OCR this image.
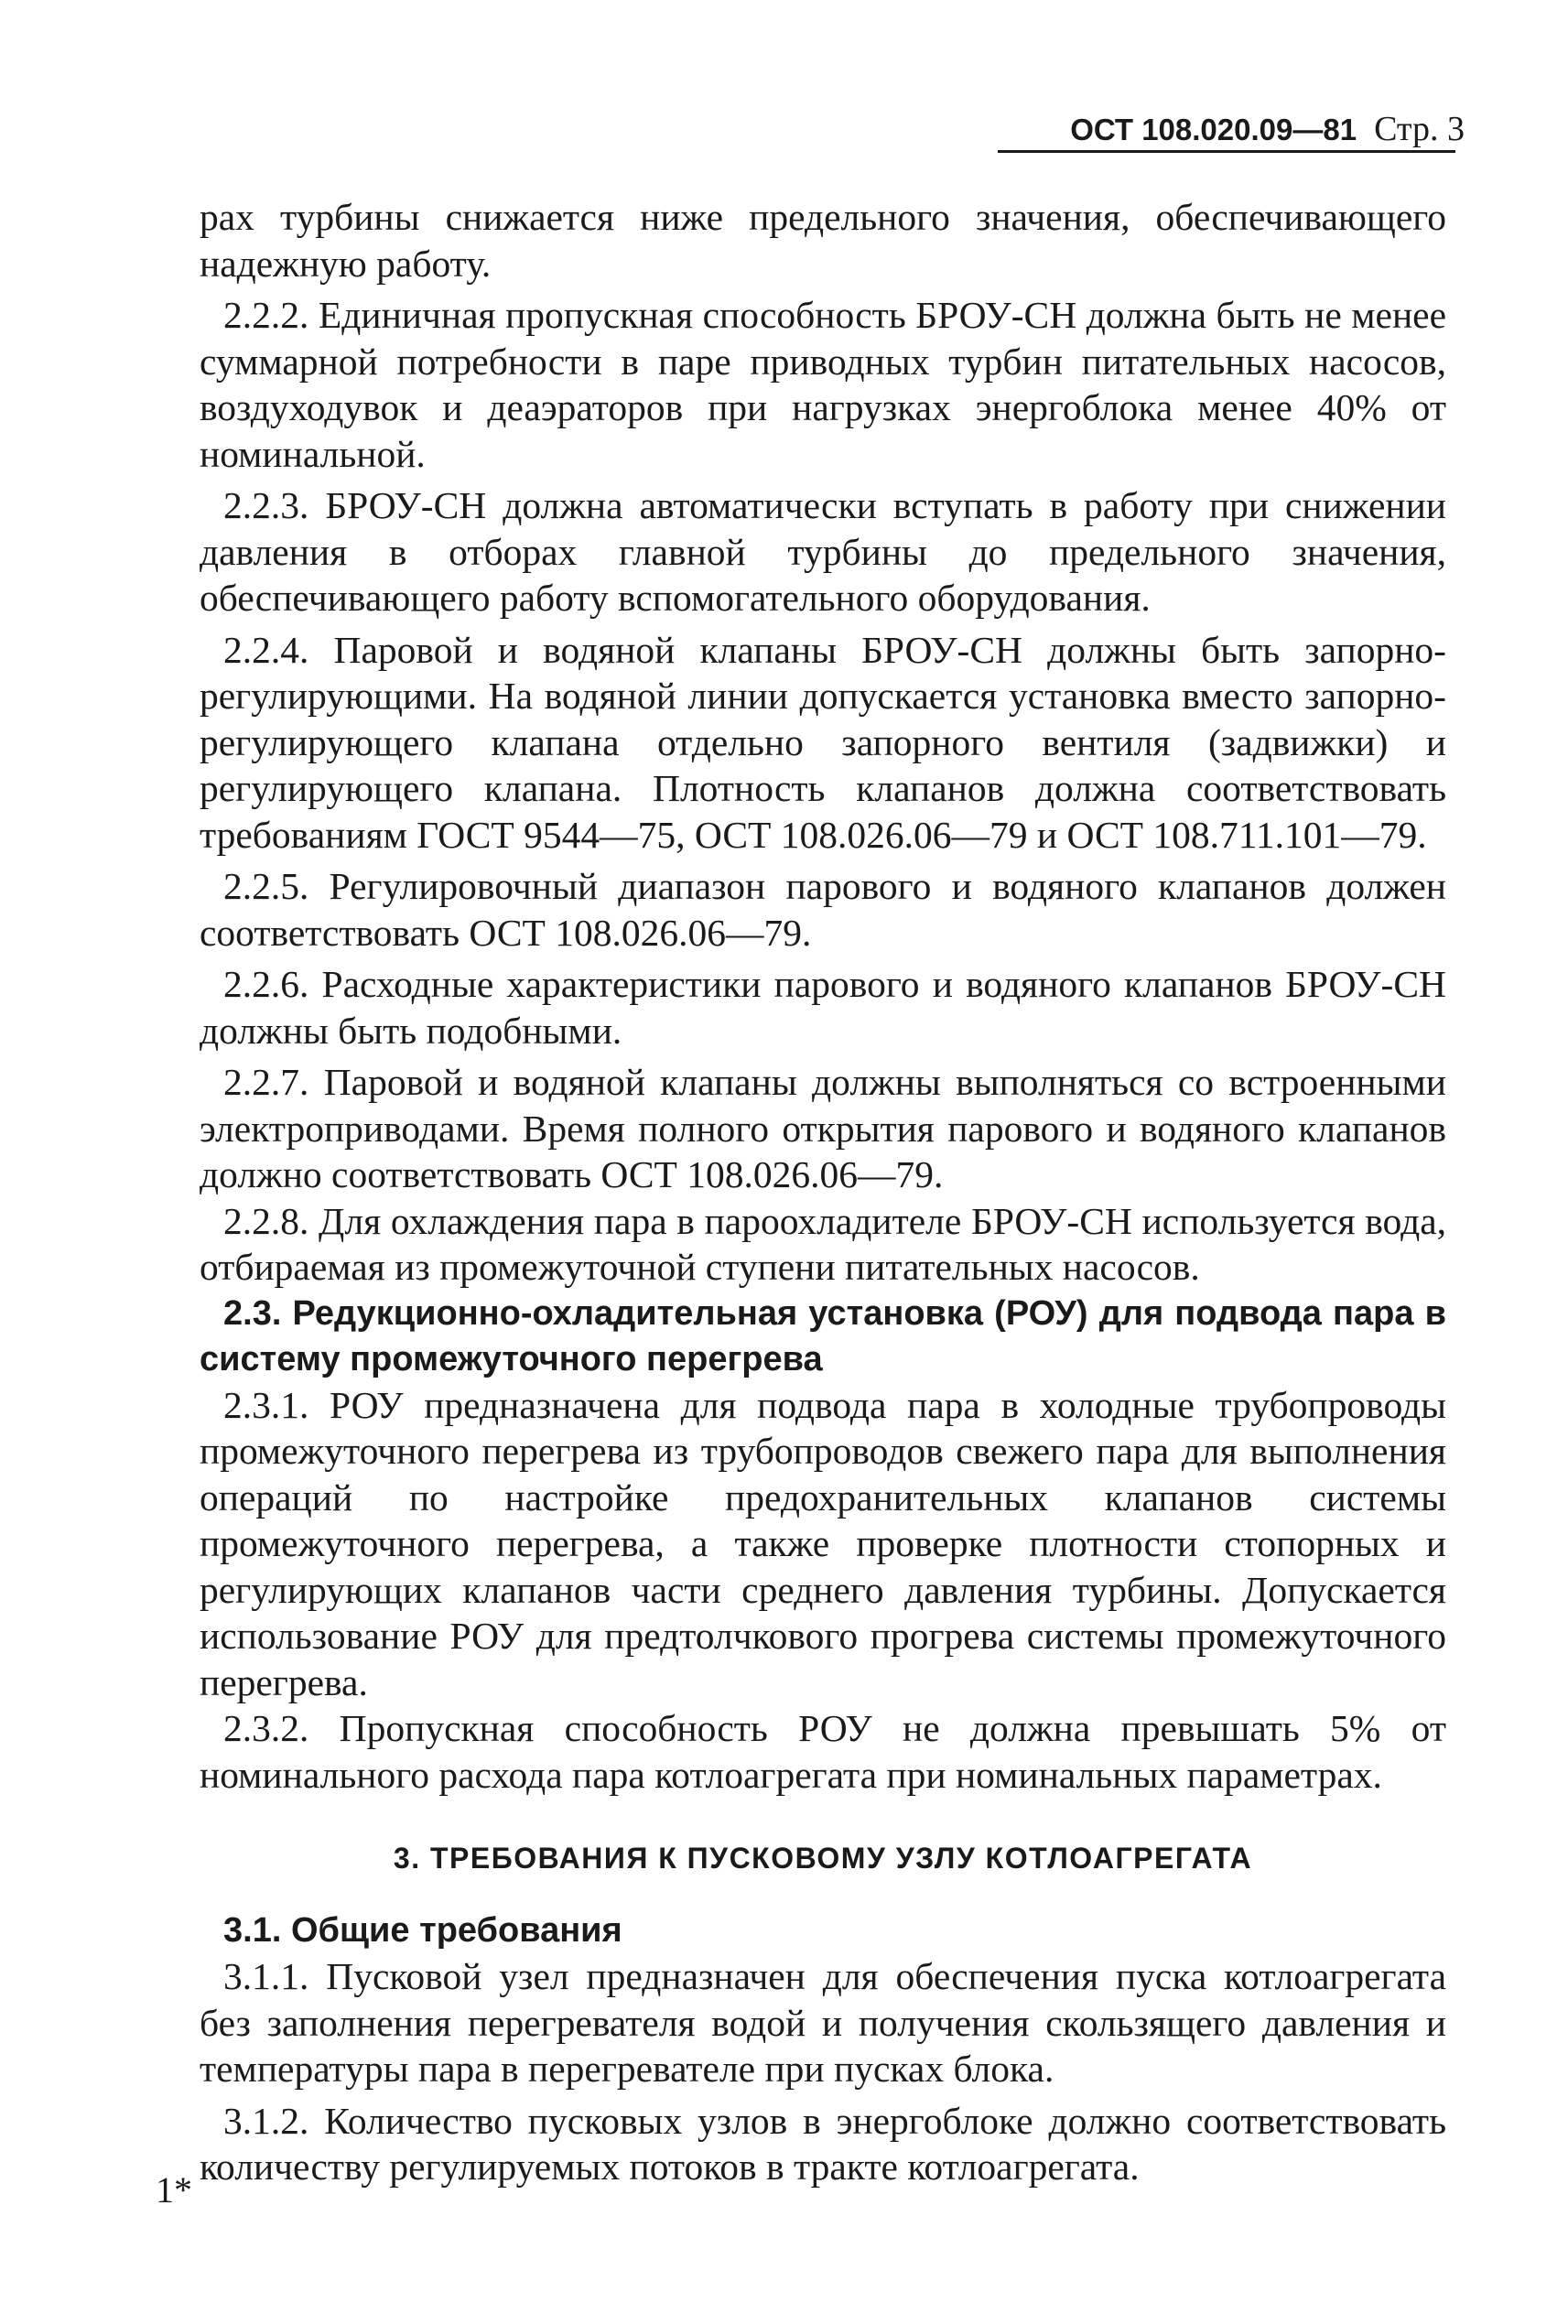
ОСТ 108.020.09—81 Стр. 3

рах турбины снижается ниже предельного значения, обеспечивающего надежную работу.

2.2.2. Единичная пропускная способность БРОУ-СН должна быть не менее суммарной потребности в паре приводных турбин питательных насосов, воздуходувок и деаэраторов при нагрузках энергоблока менее 40% от номинальной.

2.2.3. БРОУ-СН должна автоматически вступать в работу при снижении давления в отборах главной турбины до предельного значения, обеспечивающего работу вспомогательного оборудования.

2.2.4. Паровой и водяной клапаны БРОУ-СН должны быть запорно-регулирующими. На водяной линии допускается установка вместо запорно-регулирующего клапана отдельно запорного вентиля (задвижки) и регулирующего клапана. Плотность клапанов должна соответствовать требованиям ГОСТ 9544—75, ОСТ 108.026.06—79 и ОСТ 108.711.101—79.

2.2.5. Регулировочный диапазон парового и водяного клапанов должен соответствовать ОСТ 108.026.06—79.

2.2.6. Расходные характеристики парового и водяного клапанов БРОУ-СН должны быть подобными.

2.2.7. Паровой и водяной клапаны должны выполняться со встроенными электроприводами. Время полного открытия парового и водяного клапанов должно соответствовать ОСТ 108.026.06—79.

2.2.8. Для охлаждения пара в пароохладителе БРОУ-СН используется вода, отбираемая из промежуточной ступени питательных насосов.

2.3. Редукционно-охладительная установка (РОУ) для подвода пара в систему промежуточного перегрева

2.3.1. РОУ предназначена для подвода пара в холодные трубопроводы промежуточного перегрева из трубопроводов свежего пара для выполнения операций по настройке предохранительных клапанов системы промежуточного перегрева, а также проверке плотности стопорных и регулирующих клапанов части среднего давления турбины. Допускается использование РОУ для предтолчкового прогрева системы промежуточного перегрева.

2.3.2. Пропускная способность РОУ не должна превышать 5% от номинального расхода пара котлоагрегата при номинальных параметрах.

3. ТРЕБОВАНИЯ К ПУСКОВОМУ УЗЛУ КОТЛОАГРЕГАТА

3.1. Общие требования

3.1.1. Пусковой узел предназначен для обеспечения пуска котлоагрегата без заполнения перегревателя водой и получения скользящего давления и температуры пара в перегревателе при пусках блока.

3.1.2. Количество пусковых узлов в энергоблоке должно соответствовать количеству регулируемых потоков в тракте котлоагрегата.

1*
